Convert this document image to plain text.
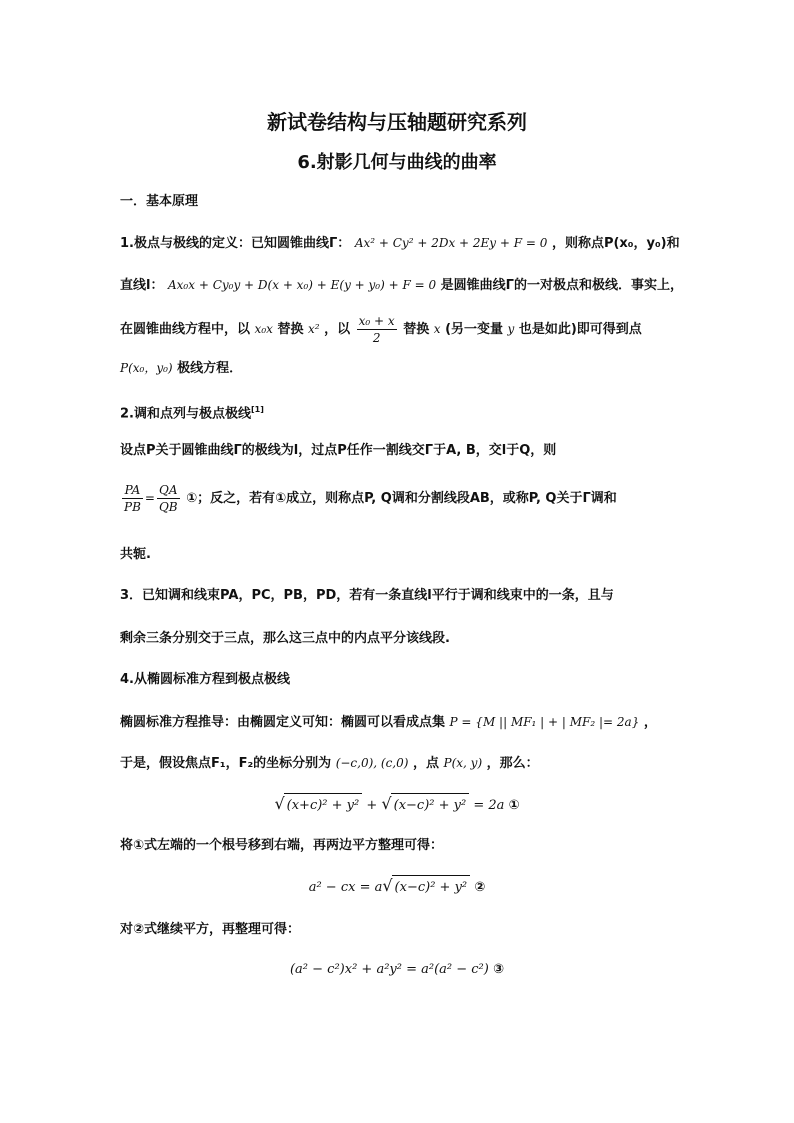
新试卷结构与压轴题研究系列
6.射影几何与曲线的曲率
一．基本原理
1.极点与极线的定义：已知圆锥曲线Γ： Ax² + Cy² + 2Dx + 2Ey + F = 0 ，则称点P(x₀，y₀)和
直线l： Ax₀x + Cy₀y + D(x + x₀) + E(y + y₀) + F = 0 是圆锥曲线Γ的一对极点和极线．事实上，
在圆锥曲线方程中，以 x₀x 替换 x² ，以 $\frac{\text{x₀ + x}}{2}$ 替换 x (另一变量 y 也是如此)即可得到点
P(x₀，y₀) 极线方程．
2.调和点列与极点极线[1]
设点P关于圆锥曲线Γ的极线为l，过点P任作一割线交Γ于A, B，交l于Q，则
$\frac{PA}{PB} = \frac{QA}{QB}$ ①；反之，若有①成立，则称点P, Q调和分割线段AB，或称P, Q关于Γ调和
共轭.
3．已知调和线束PA，PC，PB，PD，若有一条直线l平行于调和线束中的一条，且与
剩余三条分别交于三点，那么这三点中的内点平分该线段.
4.从椭圆标准方程到极点极线
椭圆标准方程推导：由椭圆定义可知：椭圆可以看成点集 P = {M || MF₁ | + | MF₂ |= 2a} ，
于是，假设焦点F₁，F₂的坐标分别为 (−c,0), (c,0) ，点 P(x, y) ，那么：
√ (x+c)² + y² + √ (x−c)² + y² = 2a ①
将①式左端的一个根号移到右端，再两边平方整理可得：
a² − cx = a√ (x−c)² + y² ②
对②式继续平方，再整理可得：
(a² − c²)x² + a²y² = a²(a² − c²) ③
